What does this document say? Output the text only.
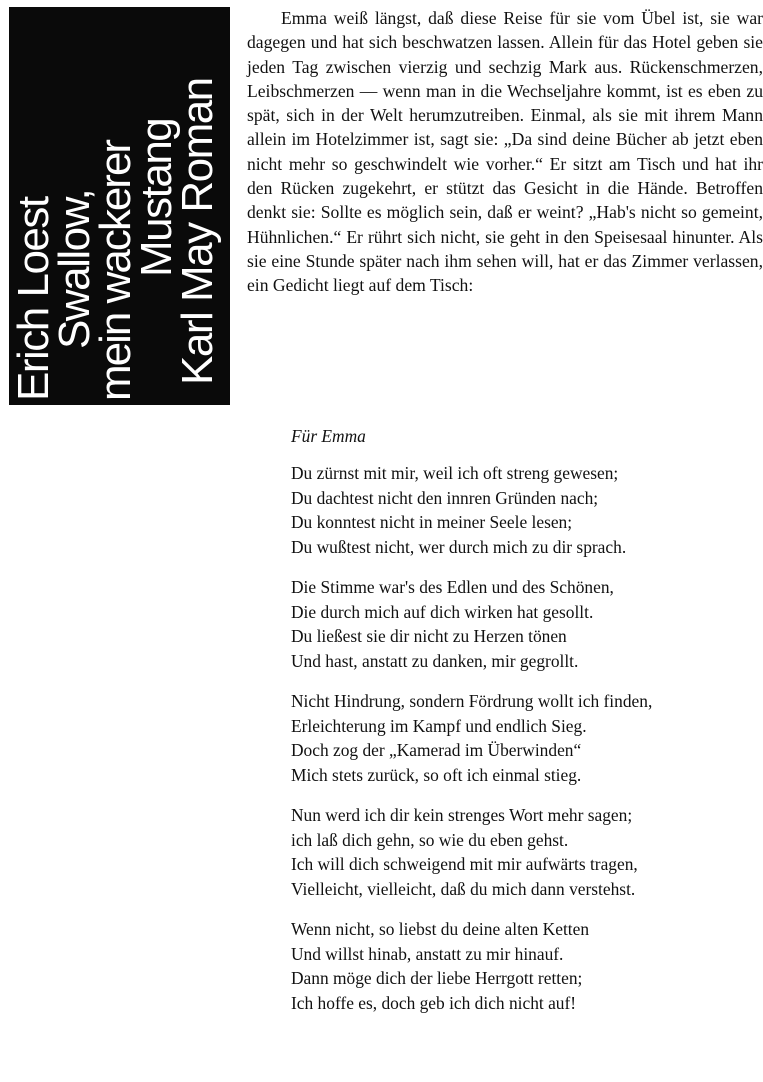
Erich Loest
Swallow,
mein wackerer
Mustang
Karl May Roman

Emma weiß längst, daß diese Reise für sie vom Übel ist, sie war dagegen und hat sich beschwatzen lassen. Allein für das Hotel geben sie jeden Tag zwischen vierzig und sechzig Mark aus. Rückenschmerzen, Leibschmerzen — wenn man in die Wechseljahre kommt, ist es eben zu spät, sich in der Welt herumzutreiben. Einmal, als sie mit ihrem Mann allein im Hotelzimmer ist, sagt sie: „Da sind deine Bücher ab jetzt eben nicht mehr so geschwindelt wie vorher.“ Er sitzt am Tisch und hat ihr den Rücken zugekehrt, er stützt das Gesicht in die Hände. Betroffen denkt sie: Sollte es möglich sein, daß er weint? „Hab's nicht so gemeint, Hühnlichen.“ Er rührt sich nicht, sie geht in den Speisesaal hinunter. Als sie eine Stunde später nach ihm sehen will, hat er das Zimmer verlassen, ein Gedicht liegt auf dem Tisch:

Für Emma
Du zürnst mit mir, weil ich oft streng gewesen;
Du dachtest nicht den innren Gründen nach;
Du konntest nicht in meiner Seele lesen;
Du wußtest nicht, wer durch mich zu dir sprach.
Die Stimme war's des Edlen und des Schönen,
Die durch mich auf dich wirken hat gesollt.
Du ließest sie dir nicht zu Herzen tönen
Und hast, anstatt zu danken, mir gegrollt.
Nicht Hindrung, sondern Fördrung wollt ich finden,
Erleichterung im Kampf und endlich Sieg.
Doch zog der „Kamerad im Überwinden“
Mich stets zurück, so oft ich einmal stieg.
Nun werd ich dir kein strenges Wort mehr sagen;
ich laß dich gehn, so wie du eben gehst.
Ich will dich schweigend mit mir aufwärts tragen,
Vielleicht, vielleicht, daß du mich dann verstehst.
Wenn nicht, so liebst du deine alten Ketten
Und willst hinab, anstatt zu mir hinauf.
Dann möge dich der liebe Herrgott retten;
Ich hoffe es, doch geb ich dich nicht auf!
